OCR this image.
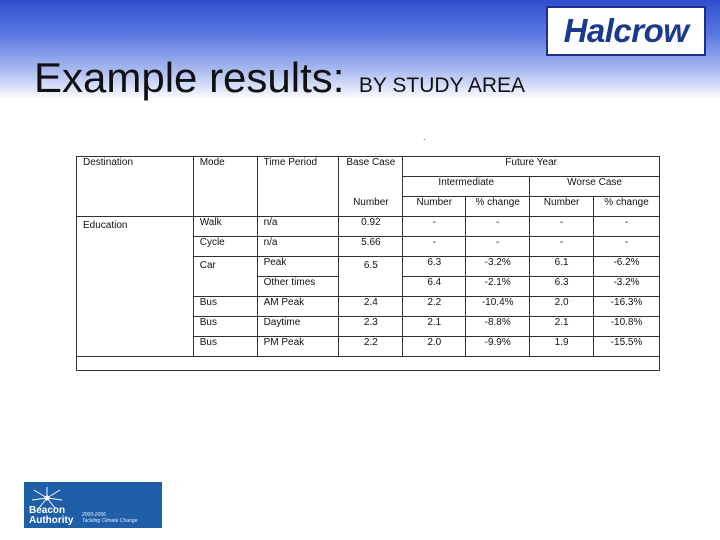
Halcrow
Example results: BY STUDY AREA
.
Destination	Mode	Time Period	Base Case	Future Year			
				Intermediate		Worse Case	
			Number	Number	% change	Number	% change
Education	Walk	n/a	0.92	-	-	-	-
	Cycle	n/a	5.66	-	-	-	-
	Car	Peak	6.5	6.3	-3.2%	6.1	-6.2%
		Other times		6.4	-2.1%	6.3	-3.2%
	Bus	AM Peak	2.4	2.2	-10.4%	2.0	-16.3%
	Bus	Daytime	2.3	2.1	-8.8%	2.1	-10.8%
	Bus	PM Peak	2.2	2.0	-9.9%	1.9	-15.5%

Beacon
Authority 2000-2006
Tackling Climate Change
